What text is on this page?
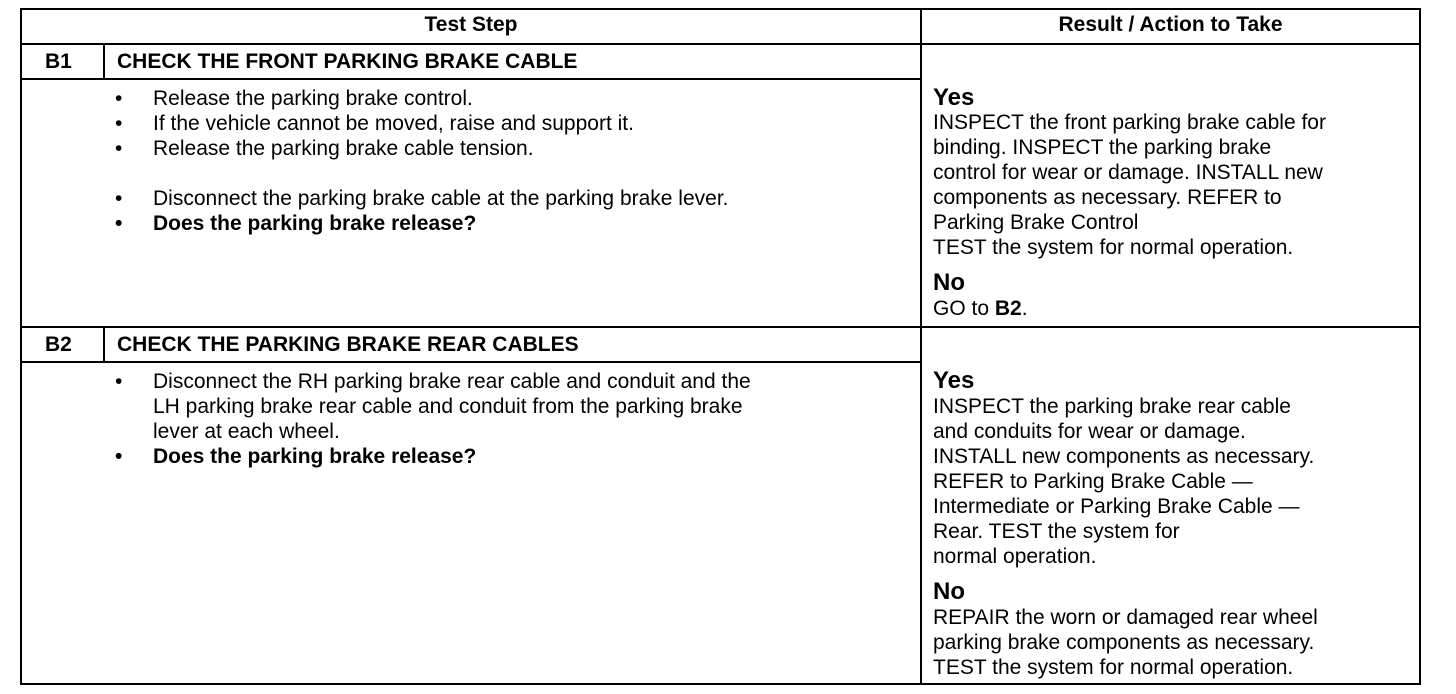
Test Step	Result / Action to Take
B1 CHECK THE FRONT PARKING BRAKE CABLE
• Release the parking brake control.
• If the vehicle cannot be moved, raise and support it.
• Release the parking brake cable tension.
• Disconnect the parking brake cable at the parking brake lever.
• Does the parking brake release?
Yes
INSPECT the front parking brake cable for
binding. INSPECT the parking brake
control for wear or damage. INSTALL new
components as necessary. REFER to
Parking Brake Control
TEST the system for normal operation.
No
GO to B2.
B2 CHECK THE PARKING BRAKE REAR CABLES
• Disconnect the RH parking brake rear cable and conduit and the
LH parking brake rear cable and conduit from the parking brake
lever at each wheel.
• Does the parking brake release?
Yes
INSPECT the parking brake rear cable
and conduits for wear or damage.
INSTALL new components as necessary.
REFER to Parking Brake Cable —
Intermediate or Parking Brake Cable —
Rear. TEST the system for
normal operation.
No
REPAIR the worn or damaged rear wheel
parking brake components as necessary.
TEST the system for normal operation.
